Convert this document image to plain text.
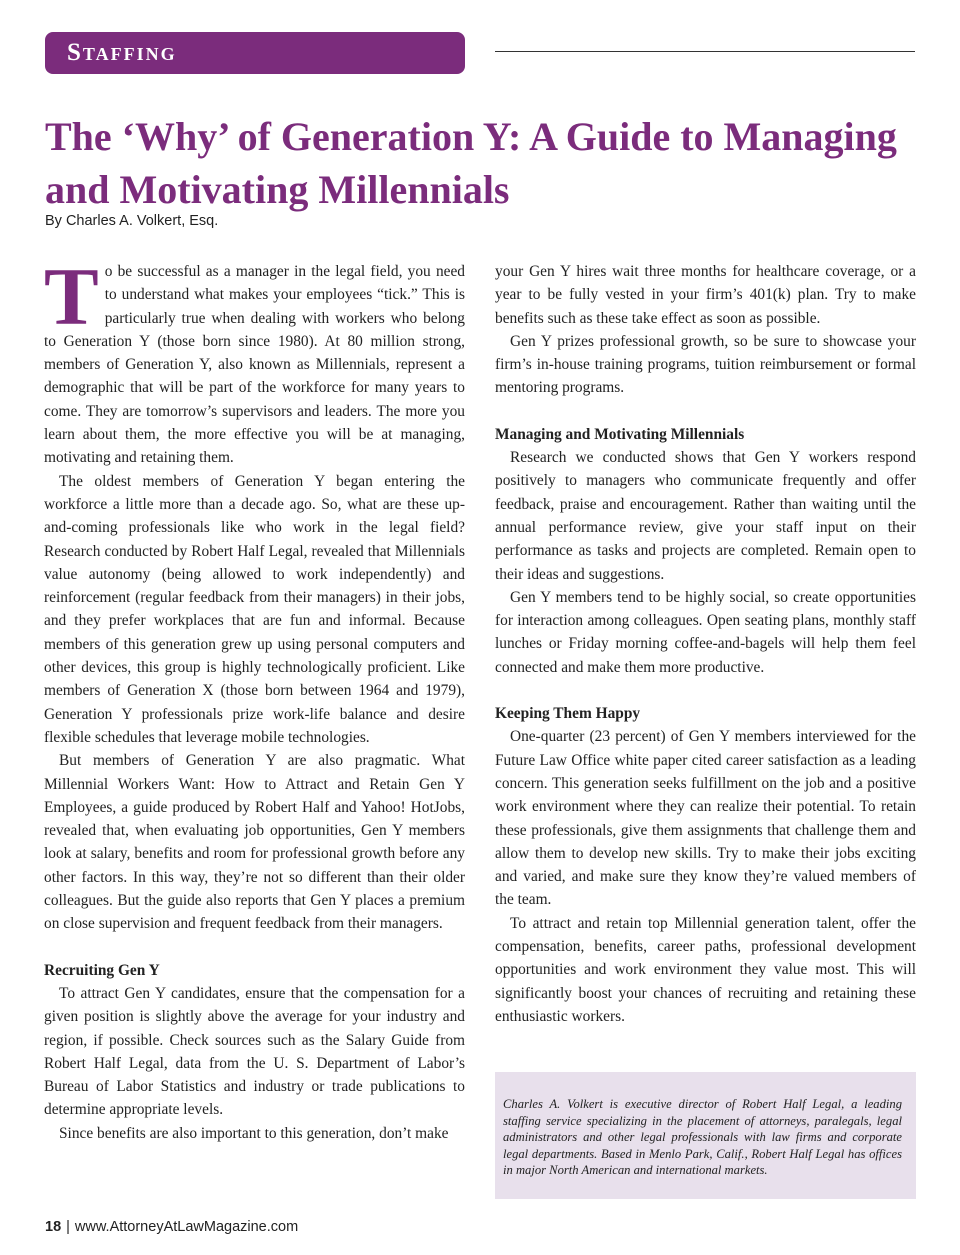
Staffing
The ‘Why’ of Generation Y: A Guide to Managing and Motivating Millennials

By Charles A. Volkert, Esq.

To be successful as a manager in the legal field, you need to understand what makes your employees “tick.” This is particularly true when dealing with workers who belong to Generation Y (those born since 1980). At 80 million strong, members of Generation Y, also known as Millennials, represent a demographic that will be part of the workforce for many years to come. They are tomorrow’s supervisors and leaders. The more you learn about them, the more effective you will be at managing, motivating and retaining them.

The oldest members of Generation Y began entering the workforce a little more than a decade ago. So, what are these up-and-coming professionals like who work in the legal field? Research conducted by Robert Half Legal, revealed that Millennials value autonomy (being allowed to work independently) and reinforcement (regular feedback from their managers) in their jobs, and they prefer workplaces that are fun and informal. Because members of this generation grew up using personal computers and other devices, this group is highly technologically proficient. Like members of Generation X (those born between 1964 and 1979), Generation Y professionals prize work-life balance and desire flexible schedules that leverage mobile technologies.

But members of Generation Y are also pragmatic. What Millennial Workers Want: How to Attract and Retain Gen Y Employees, a guide produced by Robert Half and Yahoo! HotJobs, revealed that, when evaluating job opportunities, Gen Y members look at salary, benefits and room for professional growth before any other factors. In this way, they’re not so different than their older colleagues. But the guide also reports that Gen Y places a premium on close supervision and frequent feedback from their managers.

Recruiting Gen Y

To attract Gen Y candidates, ensure that the compensation for a given position is slightly above the average for your industry and region, if possible. Check sources such as the Salary Guide from Robert Half Legal, data from the U. S. Department of Labor’s Bureau of Labor Statistics and industry or trade publications to determine appropriate levels.

Since benefits are also important to this generation, don’t make

your Gen Y hires wait three months for healthcare coverage, or a year to be fully vested in your firm’s 401(k) plan. Try to make benefits such as these take effect as soon as possible.

Gen Y prizes professional growth, so be sure to showcase your firm’s in-house training programs, tuition reimbursement or formal mentoring programs.

Managing and Motivating Millennials

Research we conducted shows that Gen Y workers respond positively to managers who communicate frequently and offer feedback, praise and encouragement. Rather than waiting until the annual performance review, give your staff input on their performance as tasks and projects are completed. Remain open to their ideas and suggestions.

Gen Y members tend to be highly social, so create opportunities for interaction among colleagues. Open seating plans, monthly staff lunches or Friday morning coffee-and-bagels will help them feel connected and make them more productive.

Keeping Them Happy

One-quarter (23 percent) of Gen Y members interviewed for the Future Law Office white paper cited career satisfaction as a leading concern. This generation seeks fulfillment on the job and a positive work environment where they can realize their potential. To retain these professionals, give them assignments that challenge them and allow them to develop new skills. Try to make their jobs exciting and varied, and make sure they know they’re valued members of the team.

To attract and retain top Millennial generation talent, offer the compensation, benefits, career paths, professional development opportunities and work environment they value most. This will significantly boost your chances of recruiting and retaining these enthusiastic workers.

Charles A. Volkert is executive director of Robert Half Legal, a leading staffing service specializing in the placement of attorneys, paralegals, legal administrators and other legal professionals with law firms and corporate legal departments. Based in Menlo Park, Calif., Robert Half Legal has offices in major North American and international markets.

18 | www.AttorneyAtLawMagazine.com
